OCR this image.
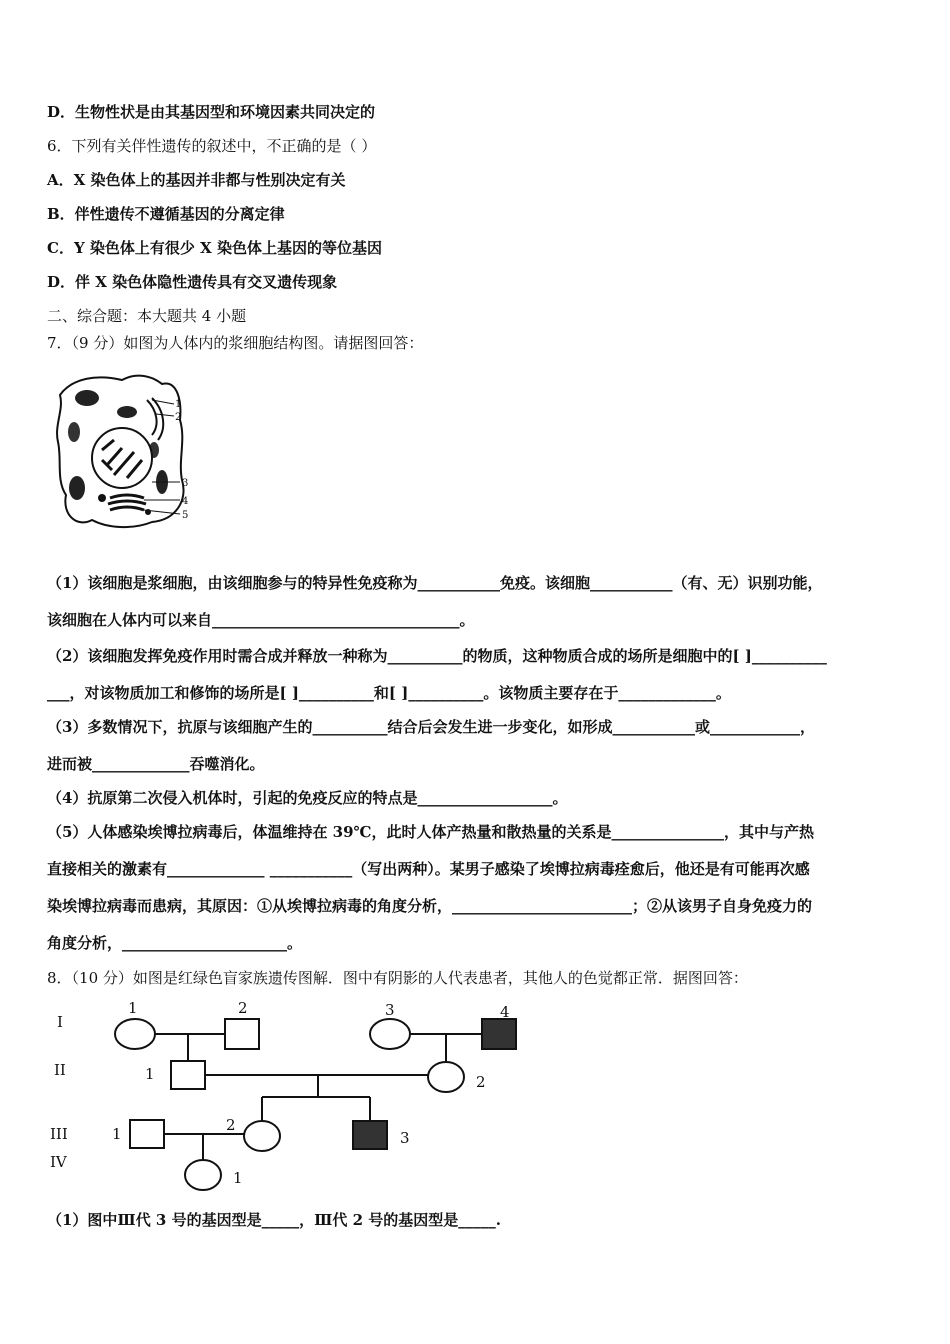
D．生物性状是由其基因型和环境因素共同决定的
6．下列有关伴性遗传的叙述中，不正确的是（ ）
A．X 染色体上的基因并非都与性别决定有关
B．伴性遗传不遵循基因的分离定律
C．Y 染色体上有很少 X 染色体上基因的等位基因
D．伴 X 染色体隐性遗传具有交叉遗传现象
二、综合题：本大题共 4 小题
7．（9 分）如图为人体内的浆细胞结构图。请据图回答：
1
2
3
4
5
（1）该细胞是浆细胞，由该细胞参与的特异性免疫称为___________免疫。该细胞___________（有、无）识别功能，
该细胞在人体内可以来自_________________________________。
（2）该细胞发挥免疫作用时需合成并释放一种称为__________的物质，这种物质合成的场所是细胞中的[ ]__________
___，对该物质加工和修饰的场所是[ ]__________和[ ]__________。该物质主要存在于_____________。
（3）多数情况下，抗原与该细胞产生的__________结合后会发生进一步变化，如形成___________或____________，
进而被_____________吞噬消化。
（4）抗原第二次侵入机体时，引起的免疫反应的特点是__________________。
（5）人体感染埃博拉病毒后，体温维持在 39℃，此时人体产热量和散热量的关系是_______________，其中与产热
直接相关的激素有_____________ ___________（写出两种）。某男子感染了埃博拉病毒痊愈后，他还是有可能再次感
染埃博拉病毒而患病，其原因：①从埃博拉病毒的角度分析，________________________；②从该男子自身免疫力的
角度分析，______________________。
8．（10 分）如图是红绿色盲家族遗传图解．图中有阴影的人代表患者，其他人的色觉都正常．据图回答：
I
II
III
IV
1	2	3	4
1	2
1	2
3
1
（1）图中Ⅲ代 3 号的基因型是_____，Ⅲ代 2 号的基因型是_____.
